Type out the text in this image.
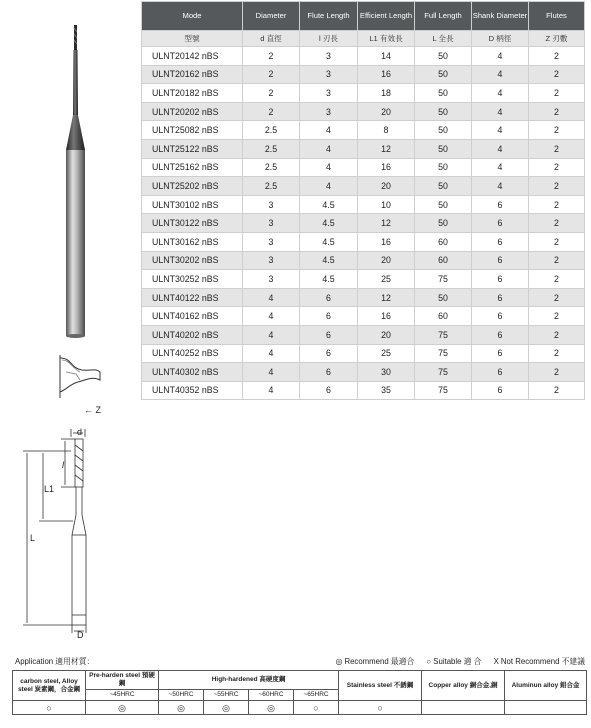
Mode	Diameter	Flute Length	Efficient Length	Full Length	Shank Diameter	Flutes
型號	d 直徑	l 刃長	L1 有效長	L 全長	D 柄徑	Z 刃數
ULNT20142 nBS	2	3	14	50	4	2
ULNT20162 nBS	2	3	16	50	4	2
ULNT20182 nBS	2	3	18	50	4	2
ULNT20202 nBS	2	3	20	50	4	2
ULNT25082 nBS	2.5	4	8	50	4	2
ULNT25122 nBS	2.5	4	12	50	4	2
ULNT25162 nBS	2.5	4	16	50	4	2
ULNT25202 nBS	2.5	4	20	50	4	2
ULNT30102 nBS	3	4.5	10	50	6	2
ULNT30122 nBS	3	4.5	12	50	6	2
ULNT30162 nBS	3	4.5	16	60	6	2
ULNT30202 nBS	3	4.5	20	60	6	2
ULNT30252 nBS	3	4.5	25	75	6	2
ULNT40122 nBS	4	6	12	50	6	2
ULNT40162 nBS	4	6	16	60	6	2
ULNT40202 nBS	4	6	20	75	6	2
ULNT40252 nBS	4	6	25	75	6	2
ULNT40302 nBS	4	6	30	75	6	2
ULNT40352 nBS	4	6	35	75	6	2
← Z
d
l
L1
L
D
Application 適用材質：	◎ Recommend 最適合 ○ Suitable 適 合 X Not Recommend 不建議
carbon steel, Alloy steel 炭素鋼，合金鋼	Pre-harden steel 預硬鋼	High-hardened 高硬度鋼				Stainless steel 不銹鋼	Copper alloy 銅合金,銅	Aluminun alloy 鋁合金
	~45HRC	~50HRC	~55HRC	~60HRC	~65HRC			
○	◎	◎	◎	◎	○	○		
